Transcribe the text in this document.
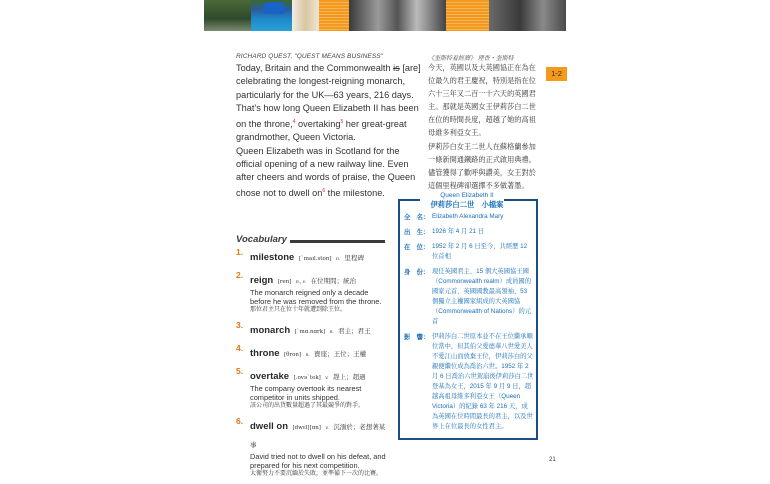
RICHARD QUEST, "QUEST MEANS BUSINESS"

Today, Britain and the Commonwealth is [are] celebrating the longest-reigning monarch, particularly for the UK—63 years, 216 days. That’s how long Queen Elizabeth II has been on the throne,$^4$ overtaking$^5$ her great-great grandmother, Queen Victoria.

Queen Elizabeth was in Scotland for the official opening of a new railway line. Even after cheers and words of praise, the Queen chose not to dwell on$^6$ the milestone.

《奎斯特看經濟》 理查・奎斯特

今天，英國以及大英國協正在為在位最久的君王慶祝，特別是指在位六十三年又二百一十六天的英國君主。那就是英國女王伊莉莎白二世在位的時間長度，超越了她的高祖母維多利亞女王。

伊莉莎白女王二世人在蘇格蘭參加一條新開通鐵路的正式啟用典禮。儘管獲得了歡呼與讚美，女王對於這個里程碑卻選擇不多做著墨。

1-2
Vocabulary
1. milestone [ˋmaɪl.ston] n. 里程碑
2. reign [ren] n., v. 在位期間；統治
The monarch reigned only a decade before he was removed from the throne.
那位君主只在位十年就遭到除王位。
3. monarch [ˋmɑ.nɑrk] n. 君主；君王
4. throne [θron] n. 寶座；王位；王權
5. overtake [.ovəˋtek] v. 趕上；超過
The company overtook its nearest competitor in units shipped.
該公司的出貨數量超過了其最競爭的對手。
6. dwell on [dwɛl][ɑn] v. 沉湎於；老想著某事
David tried not to dwell on his defeat, and prepared for his next competition.
大衛努力不要沉緬於失敗，並準備下一次的比賽。
Queen Elizabeth II
伊莉莎白二世　小檔案
全　名： Elizabeth Alexandra Mary
出　生： 1926 年 4 月 21 日
在　位： 1952 年 2 月 6 日至今，共經歷 12 位首相
身　份： 現任英國君主、15 個大英國協王國（Commonwealth realm）成員國的國家元首、英國國教最高領袖、53 個獨立主權國家組成的大英國協（Commonwealth of Nations）的元首
影　響： 伊莉莎白二世原本並不在王位繼承順位當中，但其伯父愛德華八世愛美人不愛江山而放棄王位，伊莉莎白的父親便繼位成為喬治六世。1952 年 2 月 6 日喬治六世駕崩後伊莉莎白二世登基為女王，2015 年 9 月 9 日，超越高祖母維多利亞女王（Queen Victoria）的紀錄 63 年 216 天，成為英國在位時間最長的君主，以及世界上在位最長的女性君主。
21
